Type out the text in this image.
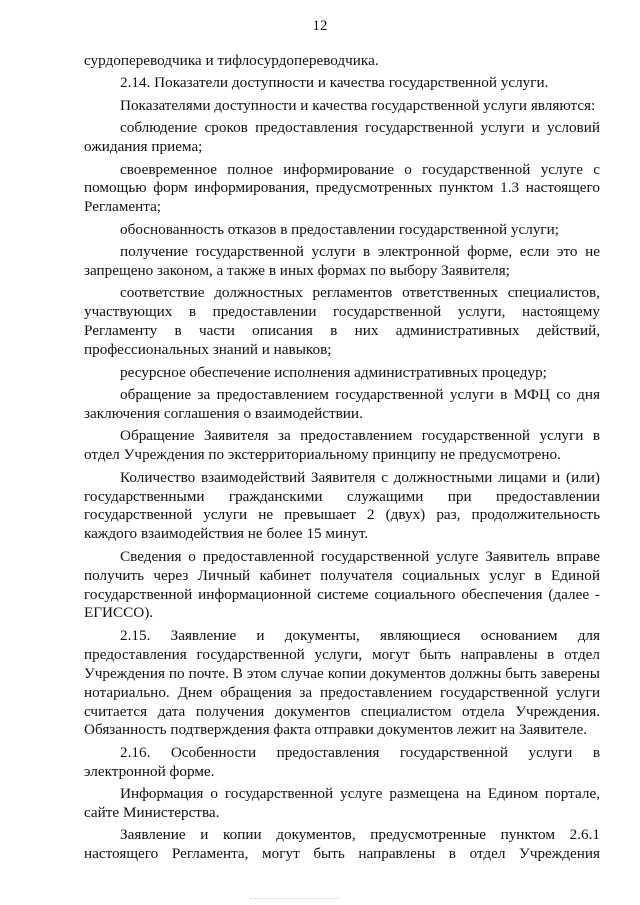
12

сурдопереводчика и тифлосурдопереводчика.

2.14. Показатели доступности и качества государственной услуги.

Показателями доступности и качества государственной услуги являются:

соблюдение сроков предоставления государственной услуги и условий ожидания приема;

своевременное полное информирование о государственной услуге с помощью форм информирования, предусмотренных пунктом 1.3 настоящего Регламента;

обоснованность отказов в предоставлении государственной услуги;

получение государственной услуги в электронной форме, если это не запрещено законом, а также в иных формах по выбору Заявителя;

соответствие должностных регламентов ответственных специалистов, участвующих в предоставлении государственной услуги, настоящему Регламенту в части описания в них административных действий, профессиональных знаний и навыков;

ресурсное обеспечение исполнения административных процедур;

обращение за предоставлением государственной услуги в МФЦ со дня заключения соглашения о взаимодействии.

Обращение Заявителя за предоставлением государственной услуги в отдел Учреждения по экстерриториальному принципу не предусмотрено.

Количество взаимодействий Заявителя с должностными лицами и (или) государственными гражданскими служащими при предоставлении государственной услуги не превышает 2 (двух) раз, продолжительность каждого взаимодействия не более 15 минут.

Сведения о предоставленной государственной услуге Заявитель вправе получить через Личный кабинет получателя социальных услуг в Единой государственной информационной системе социального обеспечения (далее - ЕГИССО).

2.15. Заявление и документы, являющиеся основанием для предоставления государственной услуги, могут быть направлены в отдел Учреждения по почте. В этом случае копии документов должны быть заверены нотариально. Днем обращения за предоставлением государственной услуги считается дата получения документов специалистом отдела Учреждения. Обязанность подтверждения факта отправки документов лежит на Заявителе.

2.16. Особенности предоставления государственной услуги в электронной форме.

Информация о государственной услуге размещена на Едином портале, сайте Министерства.

Заявление и копии документов, предусмотренные пунктом 2.6.1 настоящего Регламента, могут быть направлены в отдел Учреждения
